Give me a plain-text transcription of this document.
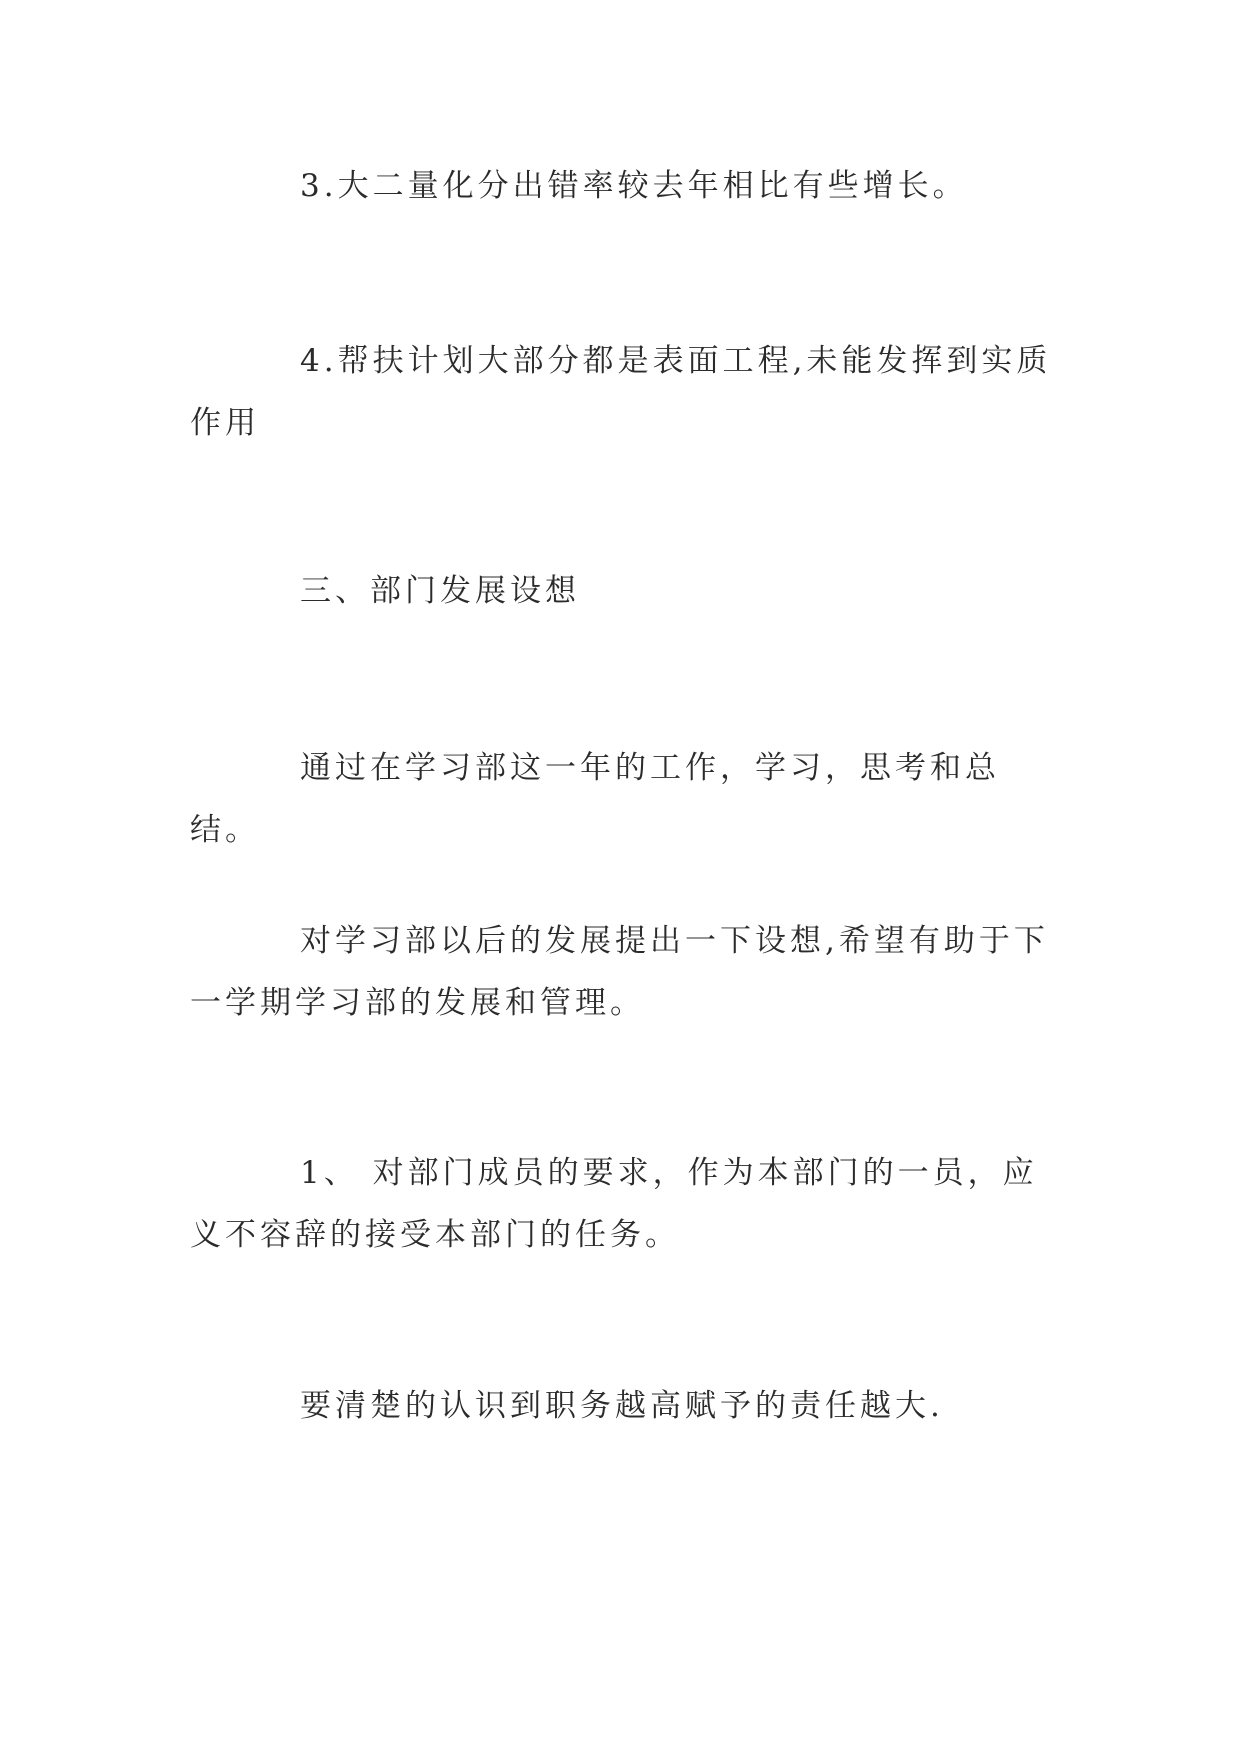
3.大二量化分出错率较去年相比有些增长。

4.帮扶计划大部分都是表面工程,未能发挥到实质作用

三、部门发展设想

通过在学习部这一年的工作，学习，思考和总结。

对学习部以后的发展提出一下设想,希望有助于下一学期学习部的发展和管理。

1、 对部门成员的要求，作为本部门的一员，应义不容辞的接受本部门的任务。

要清楚的认识到职务越高赋予的责任越大.
